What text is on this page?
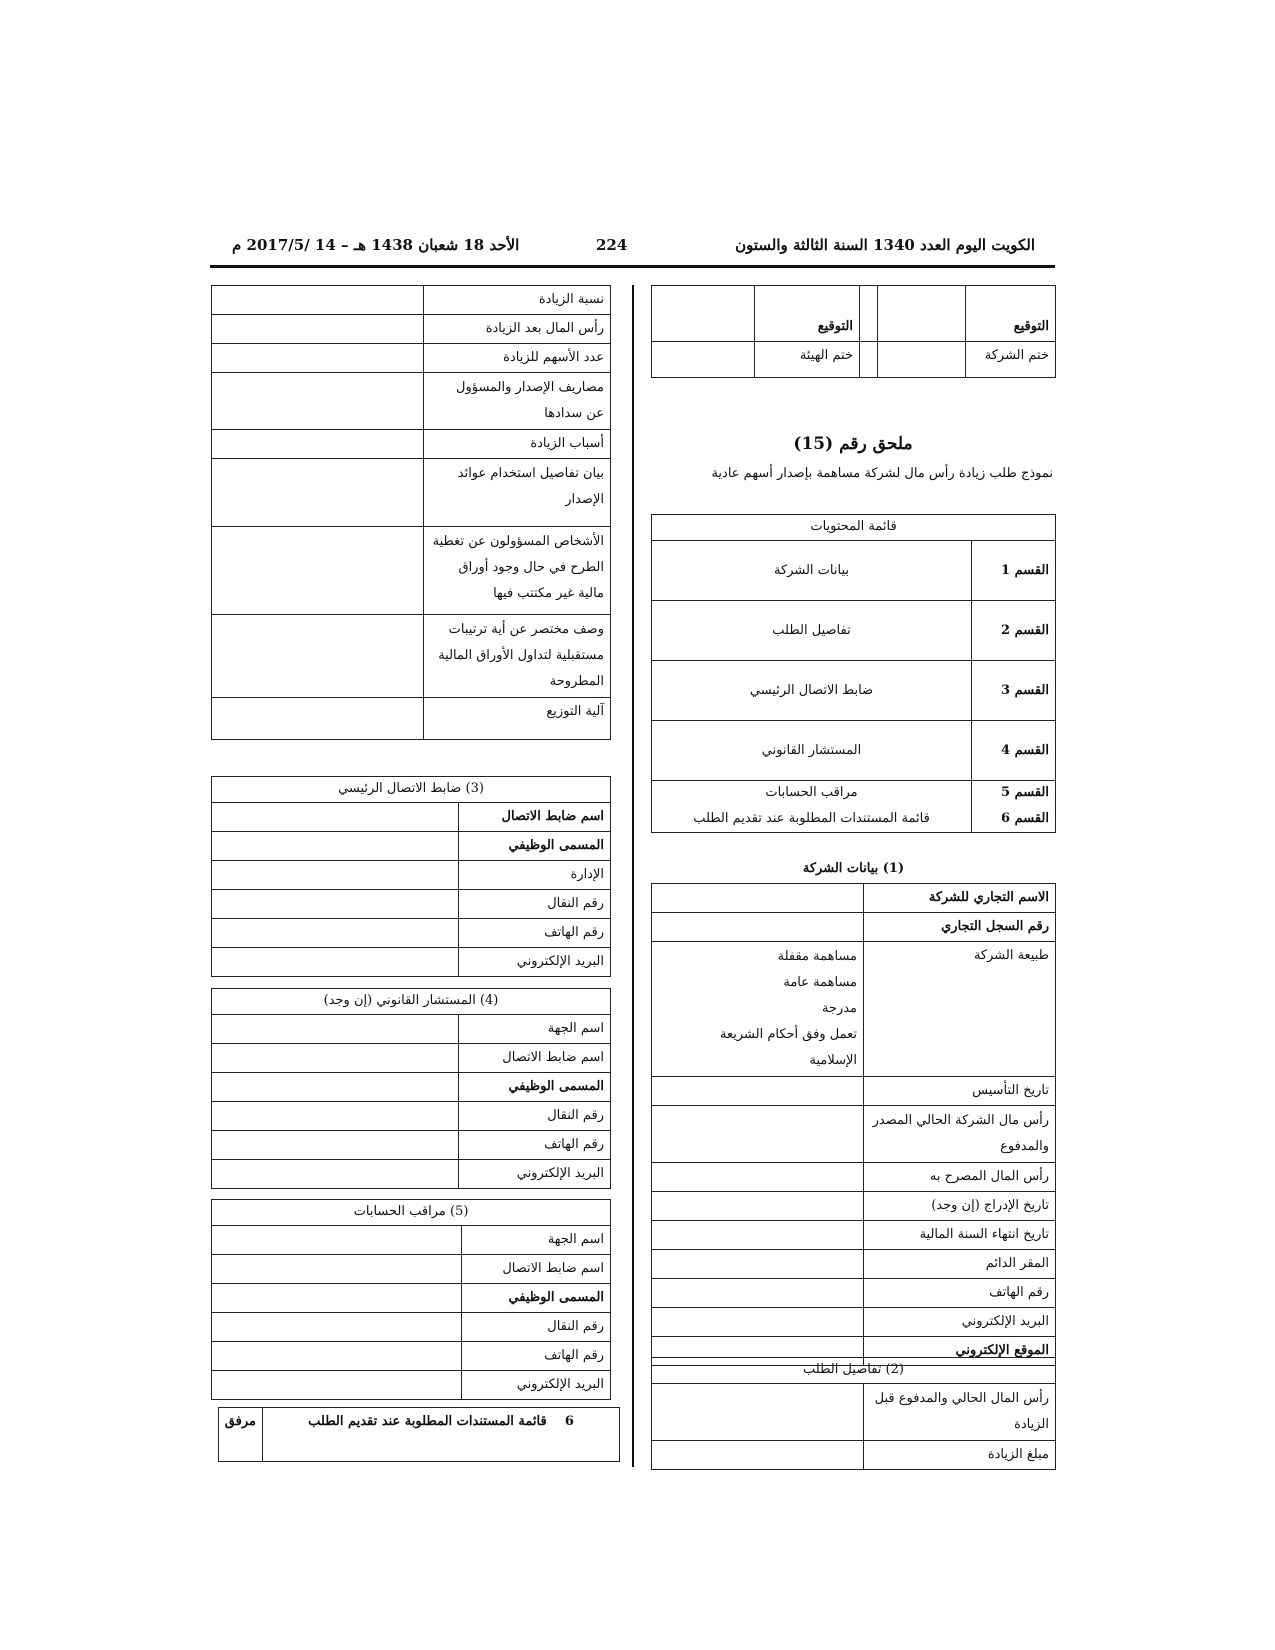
الكويت اليوم العدد 1340 السنة الثالثة والستون
224
الأحد 18 شعبان 1438 هـ – 14 /2017/5 م
التوقيع			التوقيع	
ختم الشركة			ختم الهيئة	
ملحق رقم (15)
نموذج طلب زيادة رأس مال لشركة مساهمة بإصدار أسهم عادية
قائمة المحتويات	
القسم 1	بيانات الشركة
القسم 2	تفاصيل الطلب
القسم 3	ضابط الاتصال الرئيسي
القسم 4	المستشار القانوني
القسم 5	مراقب الحسابات
القسم 6	قائمة المستندات المطلوبة عند تقديم الطلب
(1) بيانات الشركة	
الاسم التجاري للشركة	
رقم السجل التجاري	
طبيعة الشركة	مساهمة مقفلة
مساهمة عامة
مدرجة
تعمل وفق أحكام الشريعة
الإسلامية

تاريخ التأسيس	

رأس مال الشركة الحالي المصدر
والمدفوع	

رأس المال المصرح به	
تاريخ الإدراج (إن وجد)	
تاريخ انتهاء السنة المالية	
المقر الدائم	
رقم الهاتف	
البريد الإلكتروني	
الموقع الإلكتروني	
(2) تفاصيل الطلب	

رأس المال الحالي والمدفوع قبل
الزيادة	

مبلغ الزيادة	
نسبة الزيادة	
رأس المال بعد الزيادة	
عدد الأسهم للزيادة	

مصاريف الإصدار والمسؤول
عن سدادها	

أسباب الزيادة	

بيان تفاصيل استخدام عوائد
الإصدار	

الأشخاص المسؤولون عن تغطية
الطرح في حال وجود أوراق
مالية غير مكتتب فيها	

وصف مختصر عن أية ترتيبات
مستقبلية لتداول الأوراق المالية
المطروحة	

آلية التوزيع	
(3) ضابط الاتصال الرئيسي	
اسم ضابط الاتصال	
المسمى الوظيفي	
الإدارة	
رقم النقال	
رقم الهاتف	
البريد الإلكتروني	
(4) المستشار القانوني (إن وجد)	
اسم الجهة	
اسم ضابط الاتصال	
المسمى الوظيفي	
رقم النقال	
رقم الهاتف	
البريد الإلكتروني	
(5) مراقب الحسابات	
اسم الجهة	
اسم ضابط الاتصال	
المسمى الوظيفي	
رقم النقال	
رقم الهاتف	
البريد الإلكتروني	
6    قائمة المستندات المطلوبة عند تقديم الطلب	مرفق
